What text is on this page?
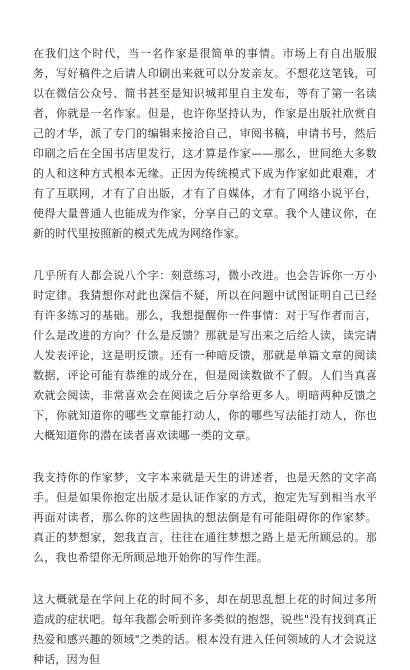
在我们这个时代，当一名作家是很简单的事情。市场上有自出版服务，写好稿件之后请人印刷出来就可以分发亲友。不想花这笔钱，可以在微信公众号、简书甚至是知识城邦里自主发布，等有了第一名读者，你就是一名作家。但是，也许你坚持认为，作家是出版社欣赏自己的才华，派了专门的编辑来接洽自己，审阅书稿，申请书号，然后印刷之后在全国书店里发行，这才算是作家——那么，世间绝大多数的人和这种方式根本无缘。正因为传统模式下成为作家如此艰难，才有了互联网，才有了自出版，才有了自媒体，才有了网络小说平台，使得大量普通人也能成为作家，分享自己的文章。我个人建议你，在新的时代里按照新的模式先成为网络作家。

几乎所有人都会说八个字：刻意练习，微小改进。也会告诉你一万小时定律。我猜想你对此也深信不疑，所以在问题中试图证明自己已经有许多练习的基础。那么，我想提醒你一件事情：对于写作者而言，什么是改进的方向？什么是反馈？那就是写出来之后给人读，读完请人发表评论，这是明反馈。还有一种暗反馈，那就是单篇文章的阅读数据，评论可能有恭维的成分在，但是阅读数做不了假。人们当真喜欢就会阅读，非常喜欢会在阅读之后分享给更多人。明暗两种反馈之下，你就知道你的哪些文章能打动人，你的哪些写法能打动人，你也大概知道你的潜在读者喜欢读哪一类的文章。

我支持你的作家梦，文字本来就是天生的讲述者，也是天然的文字高手。但是如果你抱定出版才是认证作家的方式，抱定先写到相当水平再面对读者，那么你的这些固执的想法倒是有可能阻碍你的作家梦。真正的梦想家，恕我直言，往往在通往梦想之路上是无所顾忌的。那么，我也希望你无所顾忌地开始你的写作生涯。

这大概就是在学问上花的时间不多，却在胡思乱想上花的时间过多所造成的症状吧。每年我都会听到许多类似的抱怨，说些"没有找到真正热爱和感兴趣的领域"之类的话。根本没有进入任何领域的人才会说这种话，因为但
